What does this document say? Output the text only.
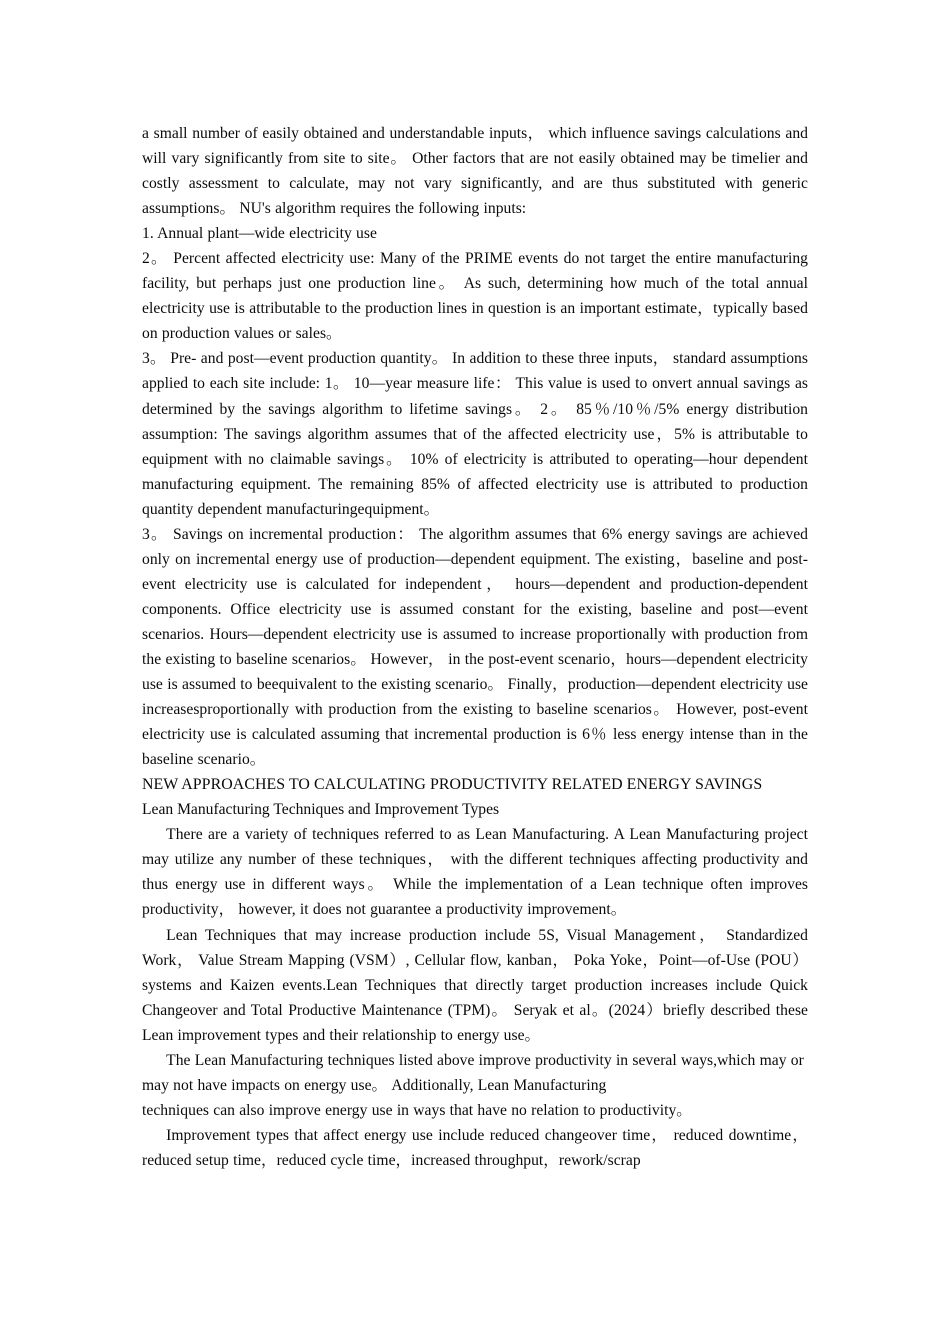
a small number of easily obtained and understandable inputs， which influence savings calculations and will vary significantly from site to site。 Other factors that are not easily obtained may be timelier and costly assessment to calculate, may not vary significantly, and are thus substituted with generic assumptions。 NU's algorithm requires the following inputs:

1. Annual plant—wide electricity use

2。 Percent affected electricity use: Many of the PRIME events do not target the entire manufacturing facility, but perhaps just one production line。 As such, determining how much of the total annual electricity use is attributable to the production lines in question is an important estimate，typically based on production values or sales。

3。 Pre- and post—event production quantity。 In addition to these three inputs， standard assumptions applied to each site include: 1。 10—year measure life： This value is used to onvert annual savings as determined by the savings algorithm to lifetime savings。 2。 85％/10％/5% energy distribution assumption: The savings algorithm assumes that of the affected electricity use，5% is attributable to equipment with no claimable savings。 10% of electricity is attributed to operating—hour dependent manufacturing equipment. The remaining 85% of affected electricity use is attributed to production quantity dependent manufacturingequipment。

3。 Savings on incremental production： The algorithm assumes that 6% energy savings are achieved only on incremental energy use of production—dependent equipment. The existing，baseline and post-event electricity use is calculated for independent， hours—dependent and production-dependent components. Office electricity use is assumed constant for the existing, baseline and post—event scenarios. Hours—dependent electricity use is assumed to increase proportionally with production from the existing to baseline scenarios。 However， in the post-event scenario，hours—dependent electricity use is assumed to beequivalent to the existing scenario。 Finally，production—dependent electricity use increasesproportionally with production from the existing to baseline scenarios。 However, post-event electricity use is calculated assuming that incremental production is 6％ less energy intense than in the baseline scenario。

NEW APPROACHES TO CALCULATING PRODUCTIVITY RELATED ENERGY SAVINGS

Lean Manufacturing Techniques and Improvement Types

There are a variety of techniques referred to as Lean Manufacturing. A Lean Manufacturing project may utilize any number of these techniques， with the different techniques affecting productivity and thus energy use in different ways。 While the implementation of a Lean technique often improves productivity， however, it does not guarantee a productivity improvement。

Lean Techniques that may increase production include 5S, Visual Management， Standardized Work， Value Stream Mapping (VSM）, Cellular flow, kanban， Poka Yoke，Point—of-Use (POU） systems and Kaizen events.Lean Techniques that directly target production increases include Quick Changeover and Total Productive Maintenance (TPM)。 Seryak et al。(2024）briefly described these Lean improvement types and their relationship to energy use。

The Lean Manufacturing techniques listed above improve productivity in several ways,which may or may not have impacts on energy use。 Additionally, Lean Manufacturing

techniques can also improve energy use in ways that have no relation to productivity。

Improvement types that affect energy use include reduced changeover time， reduced downtime，reduced setup time，reduced cycle time，increased throughput，rework/scrap
